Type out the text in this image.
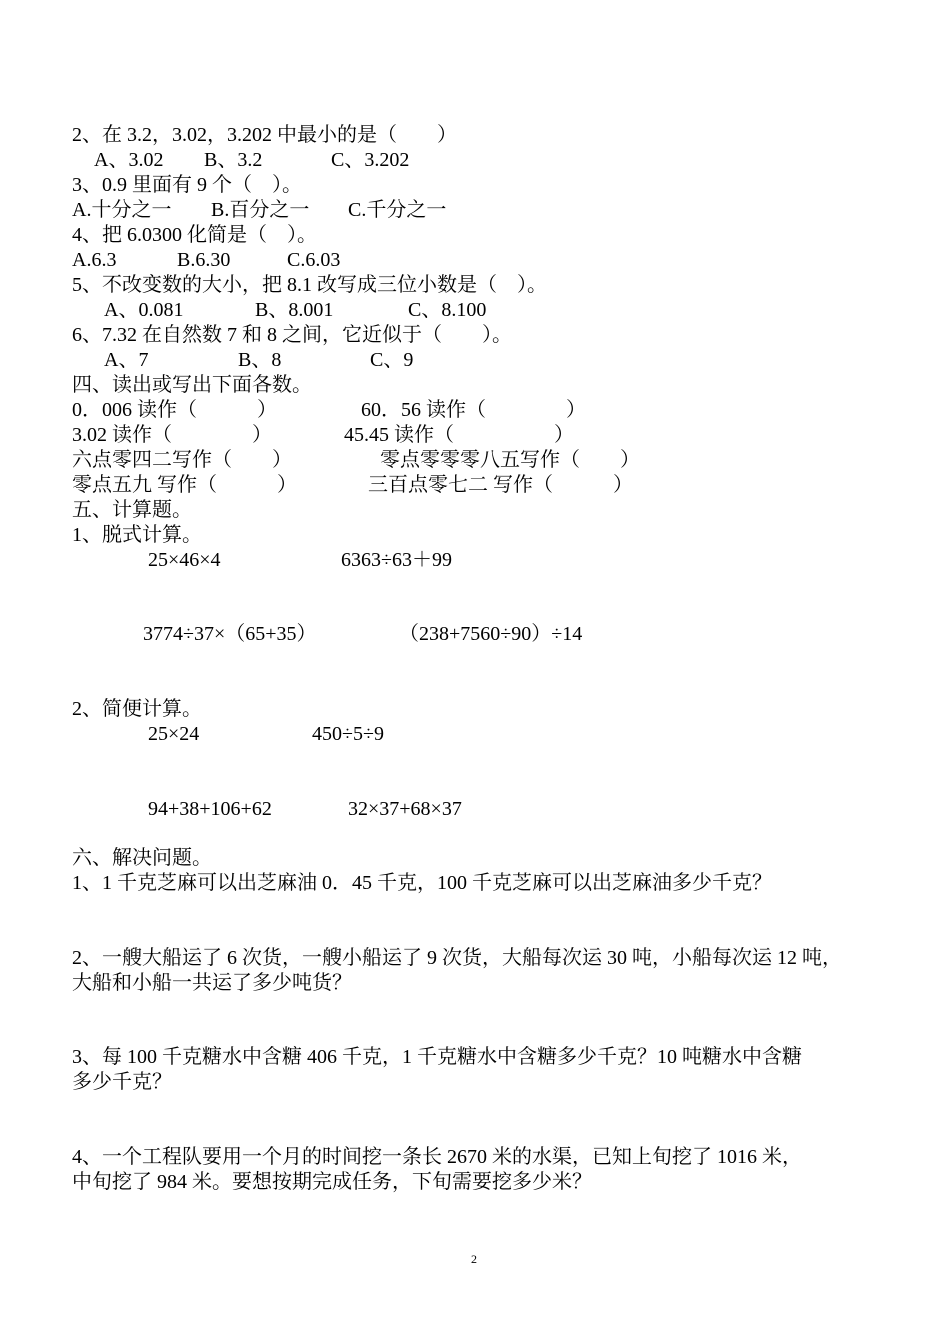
2、在 3.2，3.02，3.202 中最小的是（　　）
A、3.02 B、3.2	C、3.202
3、0.9 里面有 9 个（　）。
A.十分之一 B.百分之一 C.千分之一
4、把 6.0300 化简是（　）。
A.6.3	B.6.30	C.6.03
5、不改变数的大小，把 8.1 改写成三位小数是（　）。
A、0.081	B、8.001	C、8.100
6、7.32 在自然数 7 和 8 之间，它近似于（　　）。
A、7	B、8	C、9
四、读出或写出下面各数。
0．006 读作（　　　）	60．56 读作（　　　　）
3.02 读作（　　　　）	45.45 读作（　　　　　）
六点零四二写作（　　）	零点零零零八五写作（　　）
零点五九 写作（　　　）	三百点零七二 写作（　　　）
五、计算题。
1、脱式计算。
25×46×4	6363÷63＋99
3774÷37×（65+35）	（238+7560÷90）÷14
2、简便计算。
25×24	450÷5÷9
94+38+106+62	32×37+68×37
六、解决问题。
1、1 千克芝麻可以出芝麻油 0．45 千克，100 千克芝麻可以出芝麻油多少千克？
2、一艘大船运了 6 次货，一艘小船运了 9 次货，大船每次运 30 吨，小船每次运 12 吨，
大船和小船一共运了多少吨货？
3、每 100 千克糖水中含糖 406 千克，1 千克糖水中含糖多少千克？10 吨糖水中含糖
多少千克？
4、一个工程队要用一个月的时间挖一条长 2670 米的水渠，已知上旬挖了 1016 米，
中旬挖了 984 米。要想按期完成任务，下旬需要挖多少米？
2
